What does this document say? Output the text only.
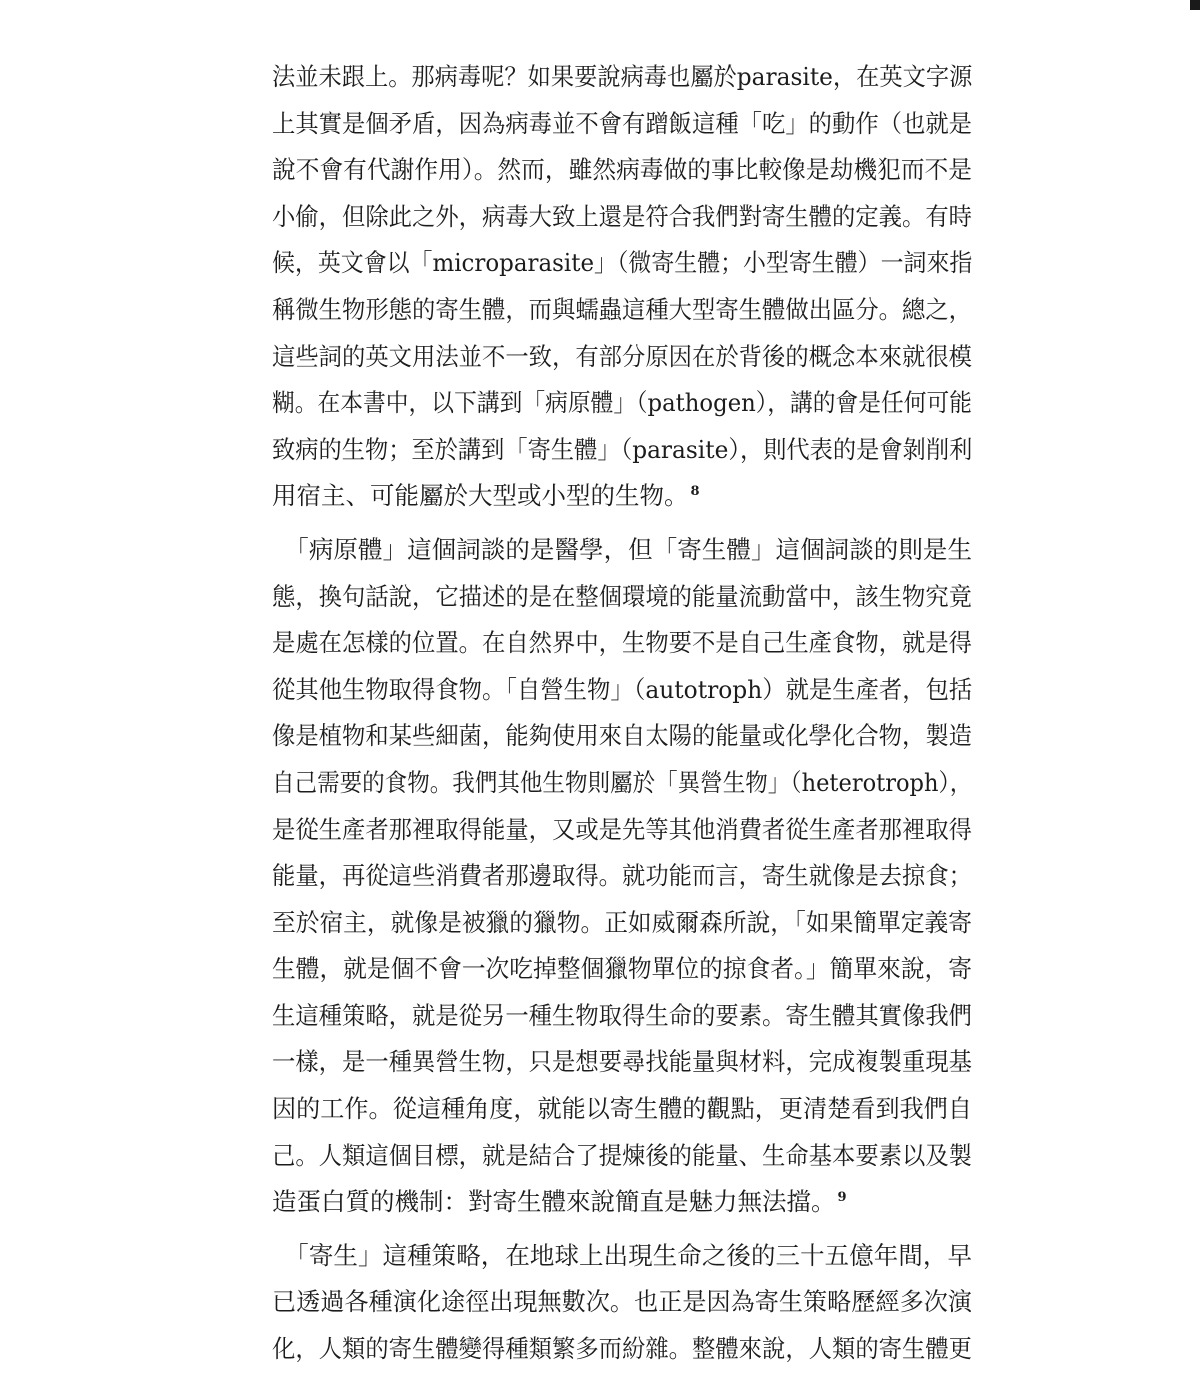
法並未跟上。那病毒呢？如果要說病毒也屬於parasite，在英文字源
上其實是個矛盾，因為病毒並不會有蹭飯這種「吃」的動作（也就是
說不會有代謝作用）。然而，雖然病毒做的事比較像是劫機犯而不是
小偷，但除此之外，病毒大致上還是符合我們對寄生體的定義。有時
候，英文會以「microparasite」（微寄生體；小型寄生體）一詞來指
稱微生物形態的寄生體，而與蠕蟲這種大型寄生體做出區分。總之，
這些詞的英文用法並不一致，有部分原因在於背後的概念本來就很模
糊。在本書中，以下講到「病原體」（pathogen），講的會是任何可能
致病的生物；至於講到「寄生體」（parasite），則代表的是會剝削利
用宿主、可能屬於大型或小型的生物。 $^8$
　「病原體」這個詞談的是醫學，但「寄生體」這個詞談的則是生
態，換句話說，它描述的是在整個環境的能量流動當中，該生物究竟
是處在怎樣的位置。在自然界中，生物要不是自己生產食物，就是得
從其他生物取得食物。「自營生物」（autotroph）就是生產者，包括
像是植物和某些細菌，能夠使用來自太陽的能量或化學化合物，製造
自己需要的食物。我們其他生物則屬於「異營生物」（heterotroph），
是從生產者那裡取得能量，又或是先等其他消費者從生產者那裡取得
能量，再從這些消費者那邊取得。就功能而言，寄生就像是去掠食；
至於宿主，就像是被獵的獵物。正如威爾森所說，「如果簡單定義寄
生體，就是個不會一次吃掉整個獵物單位的掠食者。」簡單來說，寄
生這種策略，就是從另一種生物取得生命的要素。寄生體其實像我們
一樣，是一種異營生物，只是想要尋找能量與材料，完成複製重現基
因的工作。從這種角度，就能以寄生體的觀點，更清楚看到我們自
己。人類這個目標，就是結合了提煉後的能量、生命基本要素以及製
造蛋白質的機制：對寄生體來說簡直是魅力無法擋。 $^9$
　「寄生」這種策略，在地球上出現生命之後的三十五億年間，早
已透過各種演化途徑出現無數次。也正是因為寄生策略歷經多次演
化，人類的寄生體變得種類繁多而紛雜。整體來說，人類的寄生體更
